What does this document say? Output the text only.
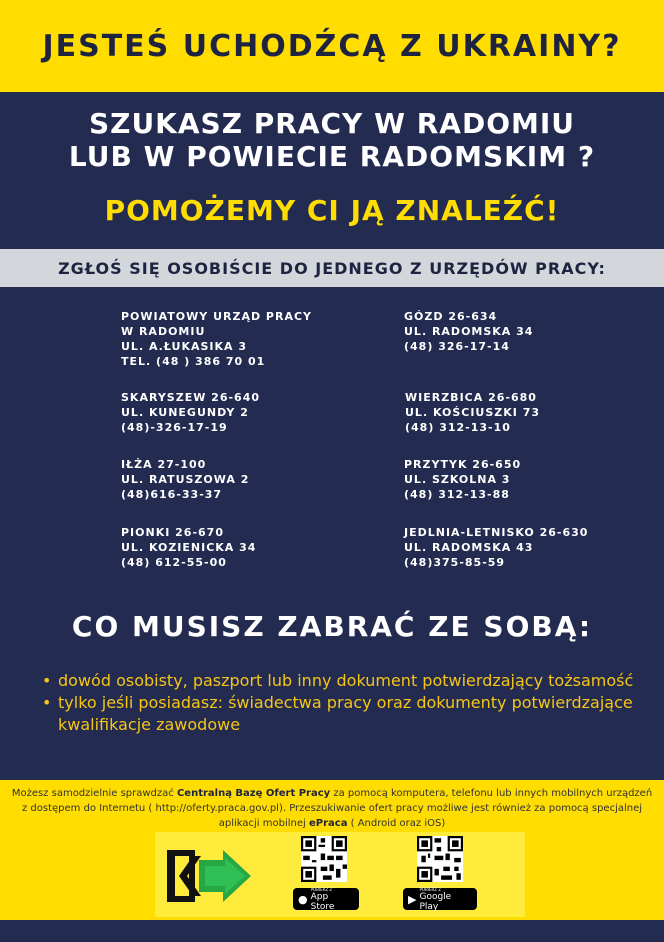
JESTEŚ UCHODŹCĄ Z UKRAINY?
SZUKASZ PRACY W RADOMIU
LUB W POWIECIE RADOMSKIM ?
POMOŻEMY CI JĄ ZNALEŹĆ!
ZGŁOŚ SIĘ OSOBIŚCIE DO JEDNEGO Z URZĘDÓW PRACY:
POWIATOWY URZĄD PRACY
W RADOMIU
UL. A.ŁUKASIKA 3
TEL. (48 ) 386 70 01
GÓZD 26-634
UL. RADOMSKA 34
(48) 326-17-14
SKARYSZEW 26-640
UL. KUNEGUNDY 2
(48)-326-17-19
WIERZBICA 26-680
UL. KOŚCIUSZKI 73
(48) 312-13-10
IŁŻA 27-100
UL. RATUSZOWA 2
(48)616-33-37
PRZYTYK 26-650
UL. SZKOLNA 3
(48) 312-13-88
PIONKI 26-670
UL. KOZIENICKA 34
(48) 612-55-00
JEDLNIA-LETNISKO 26-630
UL. RADOMSKA 43
(48)375-85-59
CO MUSISZ ZABRAĆ ZE SOBĄ:
• dowód osobisty, paszport lub inny dokument potwierdzający tożsamość
• tylko jeśli posiadasz: świadectwa pracy oraz dokumenty potwierdzające kwalifikacje zawodowe
Możesz samodzielnie sprawdzać Centralną Bazę Ofert Pracy za pomocą komputera, telefonu lub innych mobilnych urządzeń z dostępem do Internetu ( http://oferty.praca.gov.pl). Przeszukiwanie ofert pracy możliwe jest również za pomocą specjalnej aplikacji mobilnej ePraca ( Android oraz iOS)
●
POBIERZ Z
App Store
▶
POBIERZ Z
Google Play
